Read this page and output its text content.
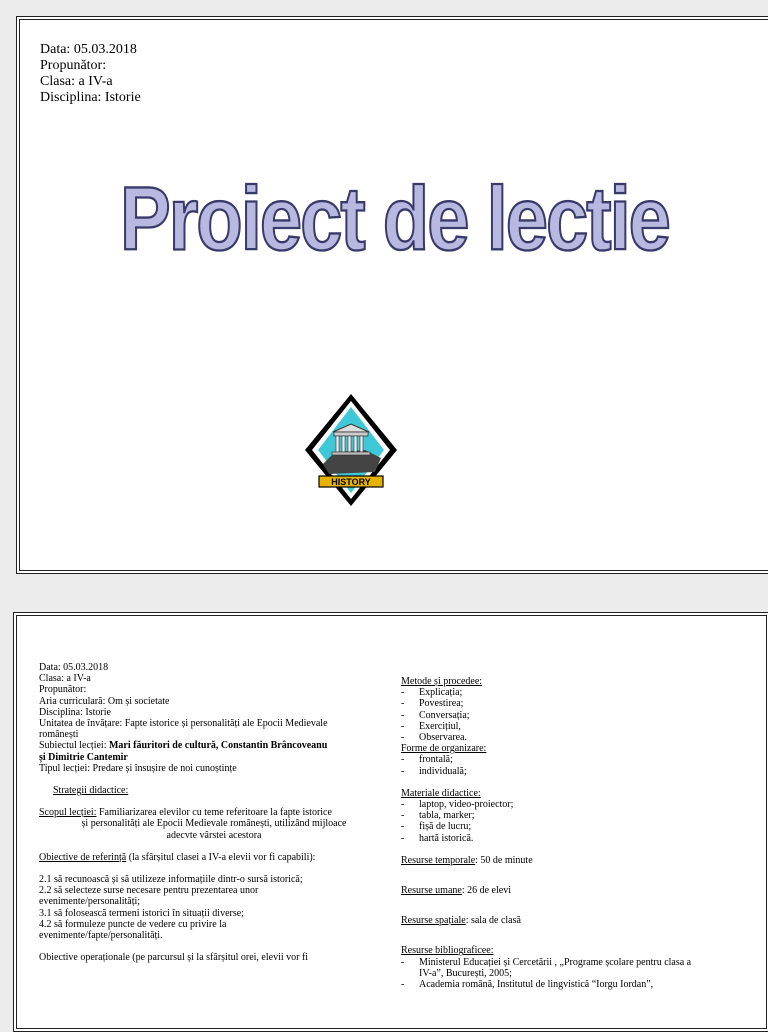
Data: 05.03.2018
Propunător:
Clasa: a IV-a
Disciplina: Istorie
Proiect de lectie
HISTORY
Data: 05.03.2018
Clasa: a IV-a
Propunător:
Aria curriculară: Om și societate
Disciplina: Istorie
Unitatea de învățare: Fapte istorice și personalități ale Epocii Medievale
românești
Subiectul lecției: Mari făuritori de cultură, Constantin Brâncoveanu
și Dimitrie Cantemir
Tipul lecției: Predare și însușire de noi cunoștințe
Strategii didactice:
Scopul lecției: Familiarizarea elevilor cu teme referitoare la fapte istorice
și personalități ale Epocii Medievale românești, utilizând mijloace
adecvte vârstei acestora
Obiective de referință (la sfârșitul clasei a IV-a elevii vor fi capabili):
2.1 să recunoască și să utilizeze informațiile dintr-o sursă istorică;
2.2 să selecteze surse necesare pentru prezentarea unor
evenimente/personalități;
3.1 să folosească termeni istorici în situații diverse;
4.2 să formuleze puncte de vedere cu privire la
evenimente/fapte/personalități.
Obiective operaționale (pe parcursul și la sfârșitul orei, elevii vor fi
Metode și procedee:
- Explicația;
- Povestirea;
- Conversația;
- Exercițiul,
- Observarea.
Forme de organizare:
- frontală;
- individuală;
Materiale didactice:
- laptop, video-proiector;
- tabla, marker;
- fișă de lucru;
- hartă istorică.
Resurse temporale: 50 de minute
Resurse umane: 26 de elevi
Resurse spațiale: sala de clasă
Resurse bibliograficee:
- Ministerul Educației și Cercetării , „Programe școlare pentru clasa a
IV-a”, București, 2005;
- Academia română, Institutul de lingvistică “Iorgu Iordan”,
